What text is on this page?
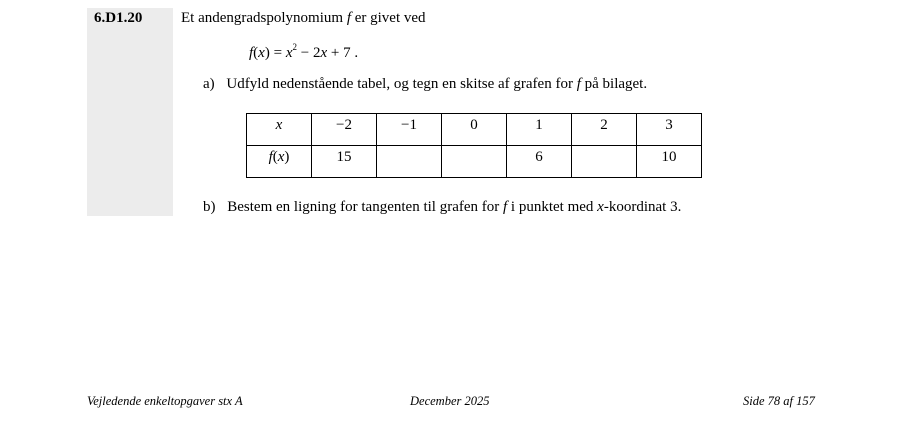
6.D1.20	Et andengradspolynomium f er givet ved
$f(x) = x^2 - 2x + 7$ .
a) Udfyld nedenstående tabel, og tegn en skitse af grafen for f på bilaget.
x	−2	−1	0	1	2	3
f(x)	15			6		10
b) Bestem en ligning for tangenten til grafen for f i punktet med x-koordinat 3.
Vejledende enkeltopgaver stx A	December 2025	Side 78 af 157
